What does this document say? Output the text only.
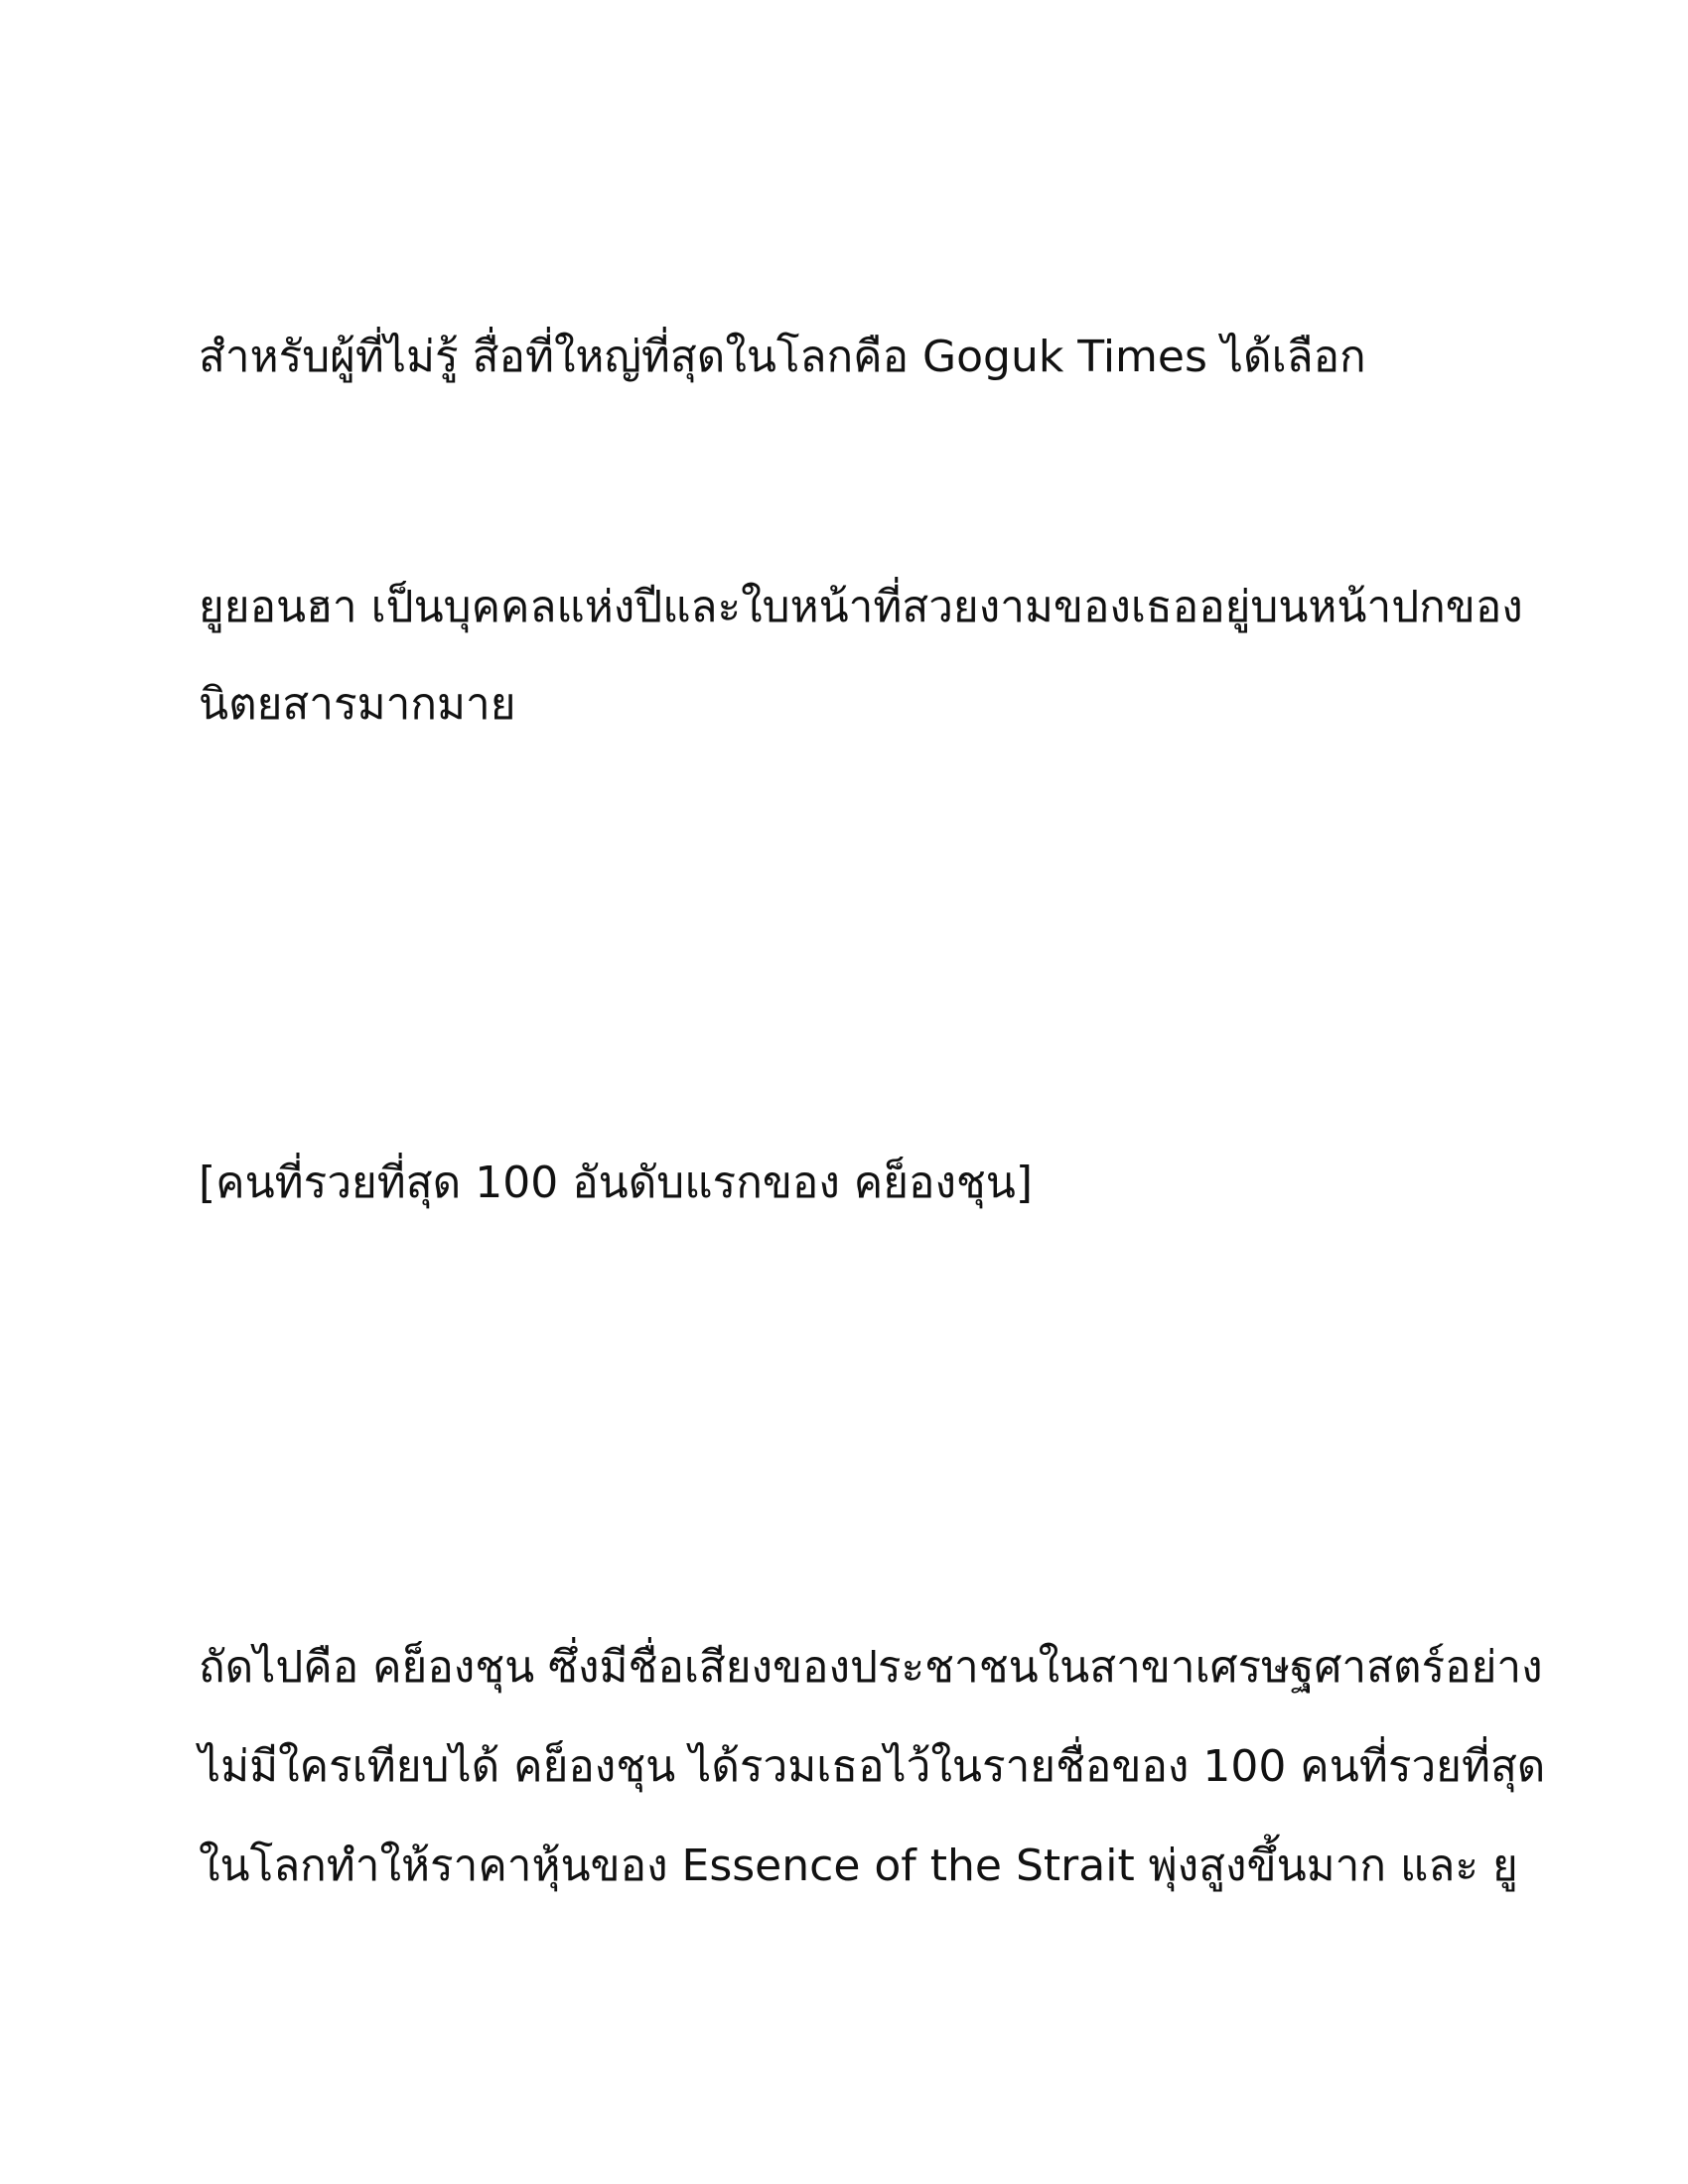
สำหรับผู้ที่ไม่รู้ สื่อที่ใหญ่ที่สุดในโลกคือ Goguk Times ได้เลือก

ยูยอนฮา เป็นบุคคลแห่งปีและใบหน้าที่สวยงามของเธออยู่บนหน้าปกของ

นิตยสารมากมาย

[คนที่รวยที่สุด 100 อันดับแรกของ คย็องชุน]

ถัดไปคือ คย็องชุน ซึ่งมีชื่อเสียงของประชาชนในสาขาเศรษฐศาสตร์อย่าง

ไม่มีใครเทียบได้ คย็องชุน ได้รวมเธอไว้ในรายชื่อของ 100 คนที่รวยที่สุด

ในโลกทำให้ราคาหุ้นของ Essence of the Strait พุ่งสูงขึ้นมาก และ ยู
